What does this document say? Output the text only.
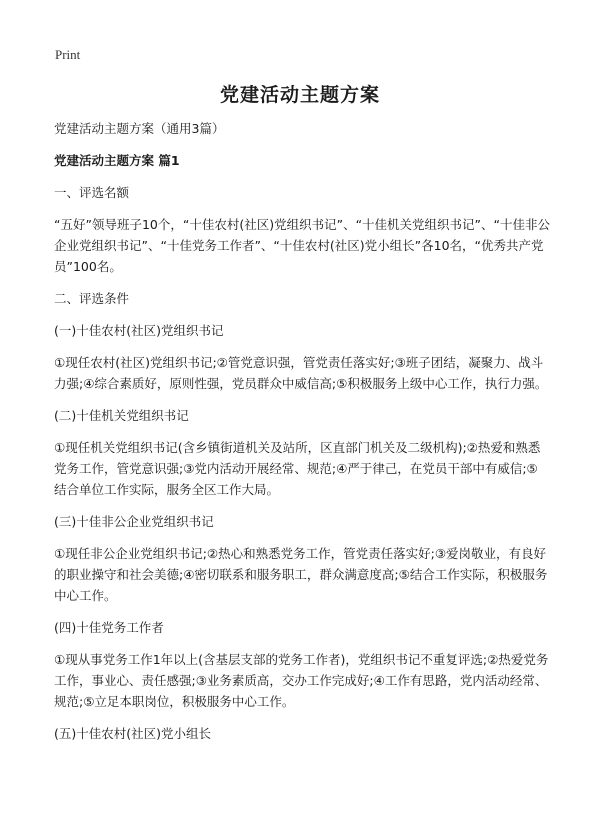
Print
党建活动主题方案

党建活动主题方案（通用3篇）

党建活动主题方案 篇1

一、评选名额

“五好”领导班子10个，“十佳农村(社区)党组织书记”、“十佳机关党组织书记”、“十佳非公企业党组织书记”、“十佳党务工作者”、“十佳农村(社区)党小组长”各10名，“优秀共产党员”100名。

二、评选条件

(一)十佳农村(社区)党组织书记

①现任农村(社区)党组织书记;②管党意识强，管党责任落实好;③班子团结，凝聚力、战斗力强;④综合素质好，原则性强，党员群众中威信高;⑤积极服务上级中心工作，执行力强。

(二)十佳机关党组织书记

①现任机关党组织书记(含乡镇街道机关及站所，区直部门机关及二级机构);②热爱和熟悉党务工作，管党意识强;③党内活动开展经常、规范;④严于律己，在党员干部中有威信;⑤结合单位工作实际，服务全区工作大局。

(三)十佳非公企业党组织书记

①现任非公企业党组织书记;②热心和熟悉党务工作，管党责任落实好;③爱岗敬业，有良好的职业操守和社会美德;④密切联系和服务职工，群众满意度高;⑤结合工作实际，积极服务中心工作。

(四)十佳党务工作者

①现从事党务工作1年以上(含基层支部的党务工作者)，党组织书记不重复评选;②热爱党务工作，事业心、责任感强;③业务素质高，交办工作完成好;④工作有思路，党内活动经常、规范;⑤立足本职岗位，积极服务中心工作。

(五)十佳农村(社区)党小组长
